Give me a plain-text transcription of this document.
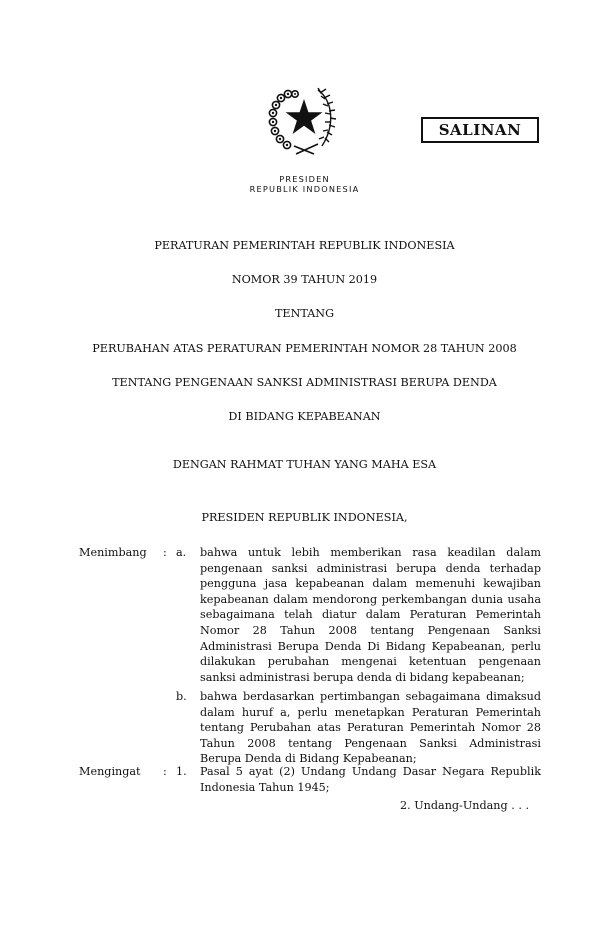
SALINAN
PRESIDEN
REPUBLIK INDONESIA
PERATURAN PEMERINTAH REPUBLIK INDONESIA
NOMOR 39 TAHUN 2019
TENTANG
PERUBAHAN ATAS PERATURAN PEMERINTAH NOMOR 28 TAHUN 2008
TENTANG PENGENAAN SANKSI ADMINISTRASI BERUPA DENDA
DI BIDANG KEPABEANAN
DENGAN RAHMAT TUHAN YANG MAHA ESA
PRESIDEN REPUBLIK INDONESIA,
Menimbang : a. bahwa untuk lebih memberikan rasa keadilan dalam pengenaan sanksi administrasi berupa denda terhadap pengguna jasa kepabeanan dalam memenuhi kewajiban kepabeanan dalam mendorong perkembangan dunia usaha sebagaimana telah diatur dalam Peraturan Pemerintah Nomor 28 Tahun 2008 tentang Pengenaan Sanksi Administrasi Berupa Denda Di Bidang Kepabeanan, perlu dilakukan perubahan mengenai ketentuan pengenaan sanksi administrasi berupa denda di bidang kepabeanan;
b. bahwa berdasarkan pertimbangan sebagaimana dimaksud dalam huruf a, perlu menetapkan Peraturan Pemerintah tentang Perubahan atas Peraturan Pemerintah Nomor 28 Tahun 2008 tentang Pengenaan Sanksi Administrasi Berupa Denda di Bidang Kepabeanan;
Mengingat : 1. Pasal 5 ayat (2) Undang Undang Dasar Negara Republik Indonesia Tahun 1945;
2. Undang-Undang . . .
